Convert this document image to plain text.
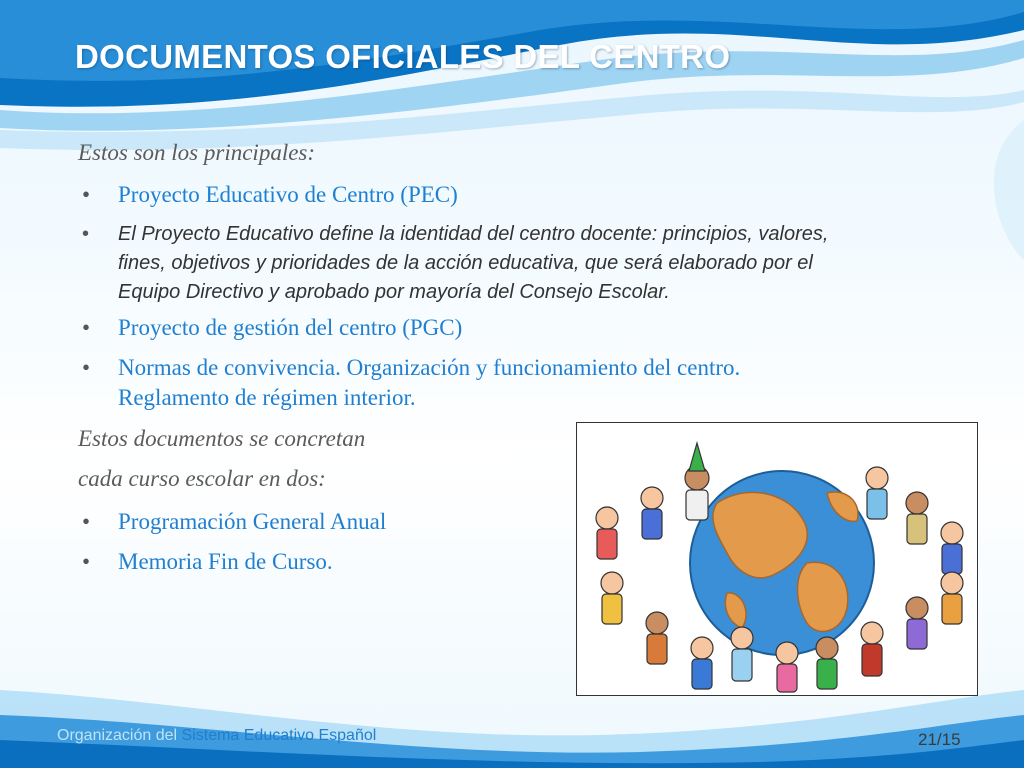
DOCUMENTOS OFICIALES DEL CENTRO

Estos son los principales:

• Proyecto Educativo de Centro (PEC)
• El Proyecto Educativo define la identidad del centro docente: principios, valores, fines, objetivos y prioridades de la acción educativa, que será elaborado por el Equipo Directivo y aprobado por mayoría del Consejo Escolar.
• Proyecto de gestión del centro (PGC)
• Normas de convivencia. Organización y funcionamiento del centro. Reglamento de régimen interior.
Estos documentos se concretan
cada curso escolar en dos:
• Programación General Anual
• Memoria Fin de Curso.
Organización del Sistema Educativo Español	21/15
